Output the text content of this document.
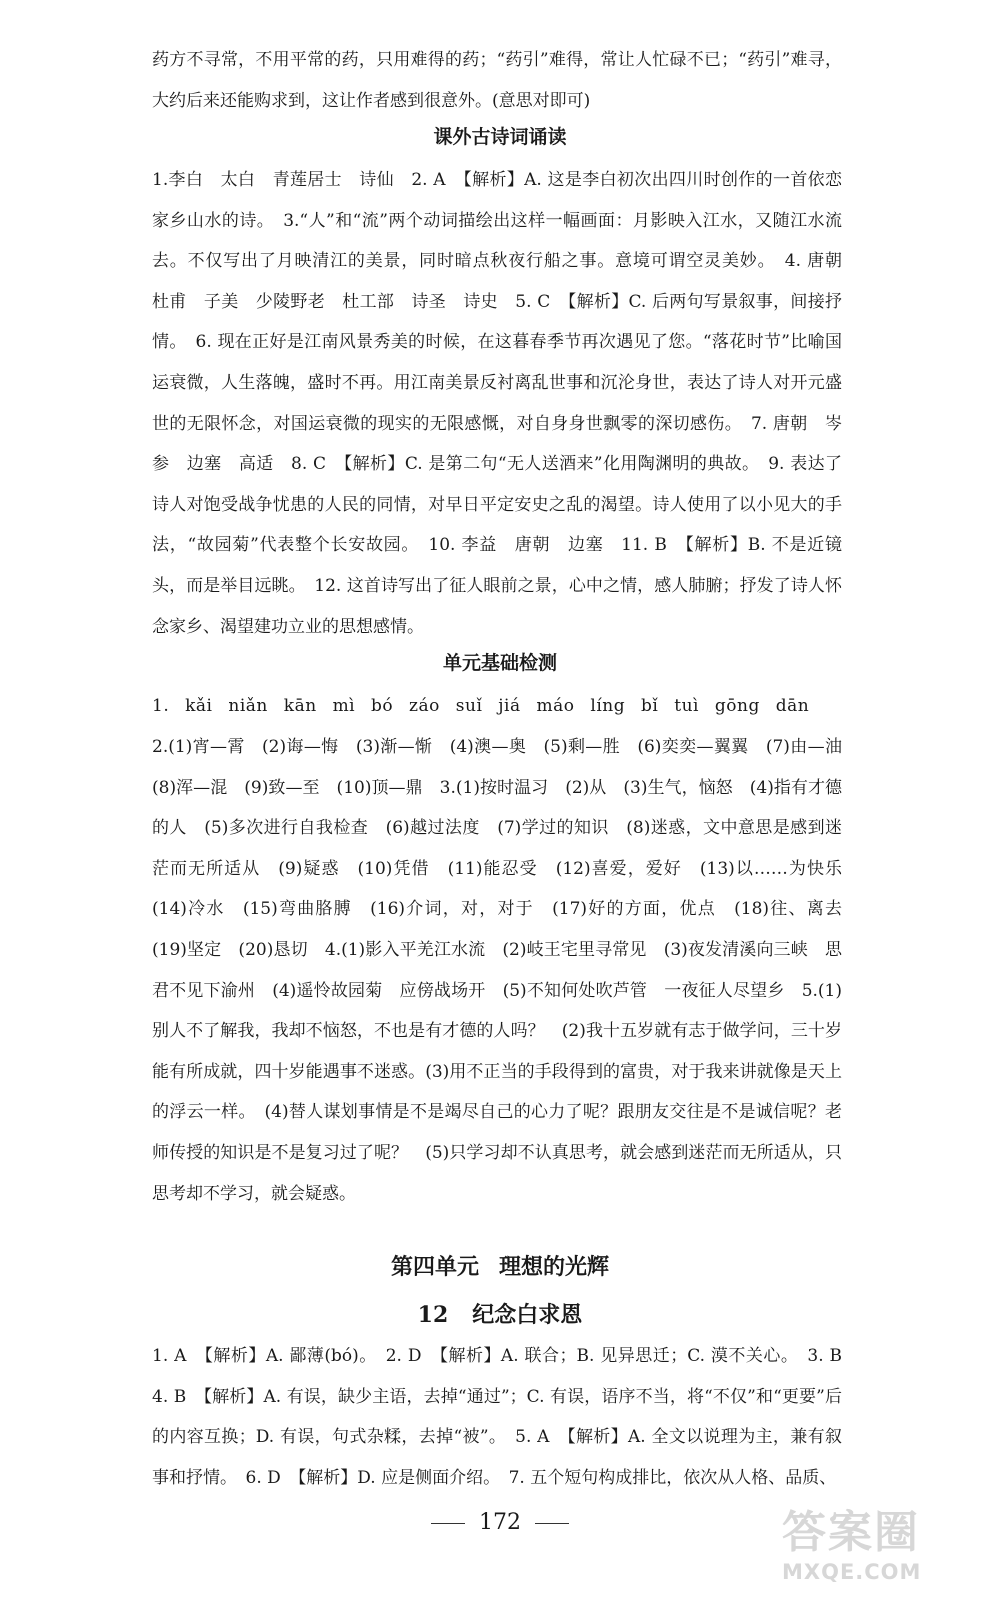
药方不寻常，不用平常的药，只用难得的药；“药引”难得，常让人忙碌不已；“药引”难寻，大约后来还能购求到，这让作者感到很意外。(意思对即可)

课外古诗词诵读

1.李白　太白　青莲居士　诗仙　2. A　【解析】A. 这是李白初次出四川时创作的一首依恋家乡山水的诗。　3.“人”和“流”两个动词描绘出这样一幅画面：月影映入江水，又随江水流去。不仅写出了月映清江的美景，同时暗点秋夜行船之事。意境可谓空灵美妙。　4. 唐朝　杜甫　子美　少陵野老　杜工部　诗圣　诗史　5. C　【解析】C. 后两句写景叙事，间接抒情。　6. 现在正好是江南风景秀美的时候，在这暮春季节再次遇见了您。“落花时节”比喻国运衰微，人生落魄，盛时不再。用江南美景反衬离乱世事和沉沦身世，表达了诗人对开元盛世的无限怀念，对国运衰微的现实的无限感慨，对自身身世飘零的深切感伤。　7. 唐朝　岑参　边塞　高适　8. C　【解析】C. 是第二句“无人送酒来”化用陶渊明的典故。　9. 表达了诗人对饱受战争忧患的人民的同情，对早日平定安史之乱的渴望。诗人使用了以小见大的手法，“故园菊”代表整个长安故园。　10. 李益　唐朝　边塞　11. B　【解析】B. 不是近镜头，而是举目远眺。　12. 这首诗写出了征人眼前之景，心中之情，感人肺腑；抒发了诗人怀念家乡、渴望建功立业的思想感情。

单元基础检测

1. kǎi niǎn kān mì bó záo suǐ jiá máo líng bǐ tuì gōng dān

2.(1)宵—霄　(2)诲—悔　(3)渐—惭　(4)澳—奥　(5)剩—胜　(6)奕奕—翼翼　(7)由—油　(8)浑—混　(9)致—至　(10)顶—鼎　3.(1)按时温习　(2)从　(3)生气，恼怒　(4)指有才德的人　(5)多次进行自我检查　(6)越过法度　(7)学过的知识　(8)迷惑，文中意思是感到迷茫而无所适从　(9)疑惑　(10)凭借　(11)能忍受　(12)喜爱，爱好　(13)以……为快乐　(14)冷水　(15)弯曲胳膊　(16)介词，对，对于　(17)好的方面，优点　(18)往、离去　(19)坚定　(20)恳切　4.(1)影入平羌江水流　(2)岐王宅里寻常见　(3)夜发清溪向三峡　思君不见下渝州　(4)遥怜故园菊　应傍战场开　(5)不知何处吹芦管　一夜征人尽望乡　5.(1)别人不了解我，我却不恼怒，不也是有才德的人吗？　(2)我十五岁就有志于做学问，三十岁能有所成就，四十岁能遇事不迷惑。(3)用不正当的手段得到的富贵，对于我来讲就像是天上的浮云一样。　(4)替人谋划事情是不是竭尽自己的心力了呢？跟朋友交往是不是诚信呢？老师传授的知识是不是复习过了呢？　(5)只学习却不认真思考，就会感到迷茫而无所适从，只思考却不学习，就会疑惑。

第四单元 理想的光辉
12 纪念白求恩

1. A　【解析】A. 鄙薄(bó)。　2. D　【解析】A. 联合；B. 见异思迁；C. 漠不关心。　3. B　4. B　【解析】A. 有误，缺少主语，去掉“通过”；C. 有误，语序不当，将“不仅”和“更要”后的内容互换；D. 有误，句式杂糅，去掉“被”。　5. A　【解析】A. 全文以说理为主，兼有叙事和抒情。　6. D　【解析】D. 应是侧面介绍。　7. 五个短句构成排比，依次从人格、品质、

172	答案圈
MXQE.COM
